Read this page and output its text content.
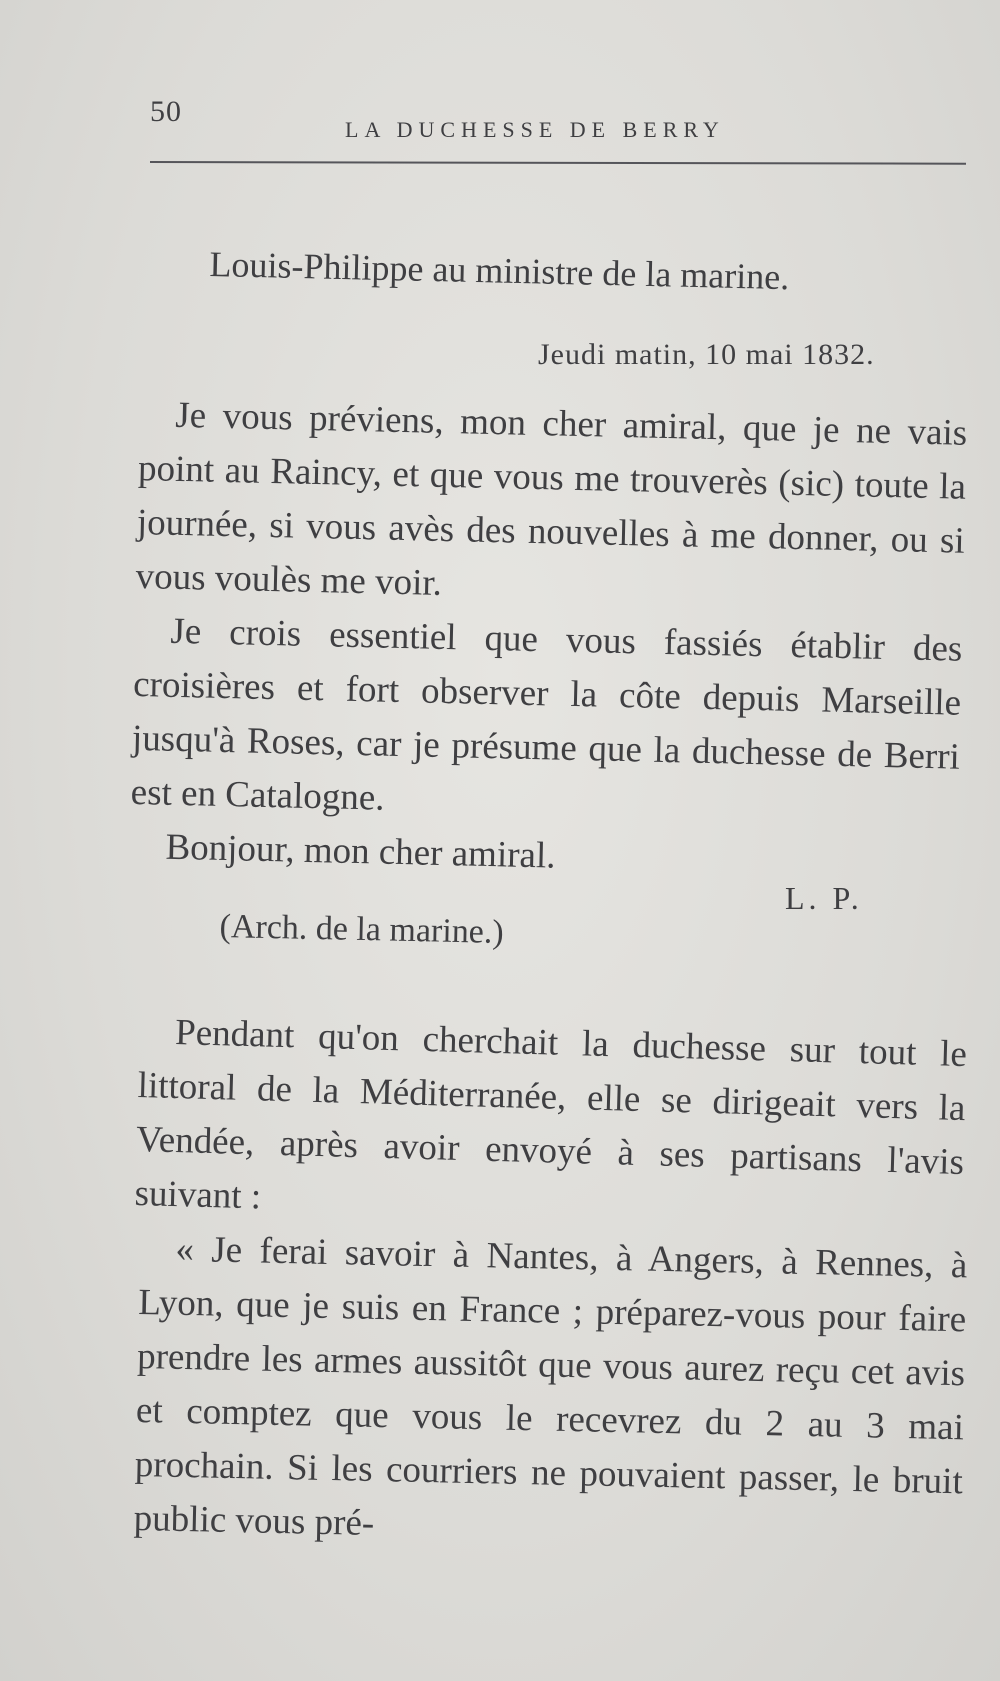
50
LA DUCHESSE DE BERRY
Louis-Philippe au ministre de la marine.
Jeudi matin, 10 mai 1832.

Je vous préviens, mon cher amiral, que je ne vais point au Raincy, et que vous me trouverès (sic) toute la journée, si vous avès des nouvelles à me donner, ou si vous voulès me voir.

Je crois essentiel que vous fassiés établir des croisières et fort observer la côte depuis Marseille jusqu'à Roses, car je présume que la duchesse de Berri est en Catalogne.

Bonjour, mon cher amiral.

L. P.
(Arch. de la marine.)

Pendant qu'on cherchait la duchesse sur tout le littoral de la Méditerranée, elle se dirigeait vers la Vendée, après avoir envoyé à ses partisans l'avis suivant :

« Je ferai savoir à Nantes, à Angers, à Rennes, à Lyon, que je suis en France ; préparez-vous pour faire prendre les armes aussitôt que vous aurez reçu cet avis et comptez que vous le recevrez du 2 au 3 mai prochain. Si les courriers ne pouvaient passer, le bruit public vous pré-
